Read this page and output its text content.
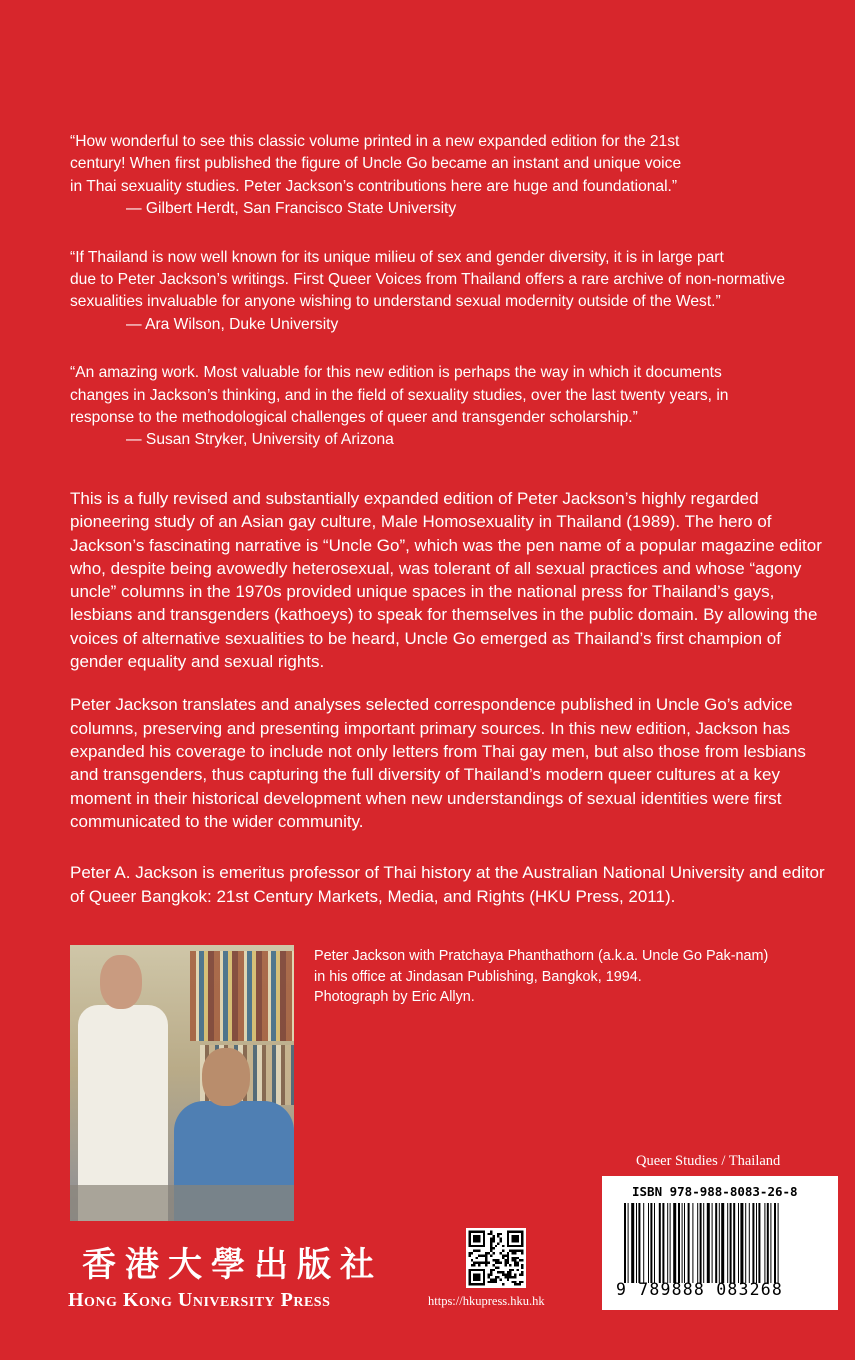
“How wonderful to see this classic volume printed in a new expanded edition for the 21st

century! When first published the figure of Uncle Go became an instant and unique voice

in Thai sexuality studies. Peter Jackson’s contributions here are huge and foundational.”

— Gilbert Herdt, San Francisco State University

“If Thailand is now well known for its unique milieu of sex and gender diversity, it is in large part

due to Peter Jackson’s writings. First Queer Voices from Thailand offers a rare archive of non-normative

sexualities invaluable for anyone wishing to understand sexual modernity outside of the West.”

— Ara Wilson, Duke University

“An amazing work. Most valuable for this new edition is perhaps the way in which it documents

changes in Jackson’s thinking, and in the field of sexuality studies, over the last twenty years, in

response to the methodological challenges of queer and transgender scholarship.”

— Susan Stryker, University of Arizona

This is a fully revised and substantially expanded edition of Peter Jackson’s highly regarded pioneering study of an Asian gay culture, Male Homosexuality in Thailand (1989). The hero of Jackson’s fascinating narrative is “Uncle Go”, which was the pen name of a popular magazine editor who, despite being avowedly heterosexual, was tolerant of all sexual practices and whose “agony uncle” columns in the 1970s provided unique spaces in the national press for Thailand’s gays, lesbians and transgenders (kathoeys) to speak for themselves in the public domain. By allowing the voices of alternative sexualities to be heard, Uncle Go emerged as Thailand’s first champion of gender equality and sexual rights.

Peter Jackson translates and analyses selected correspondence published in Uncle Go’s advice columns, preserving and presenting important primary sources. In this new edition, Jackson has expanded his coverage to include not only letters from Thai gay men, but also those from lesbians and transgenders, thus capturing the full diversity of Thailand’s modern queer cultures at a key moment in their historical development when new understandings of sexual identities were first communicated to the wider community.

Peter A. Jackson is emeritus professor of Thai history at the Australian National University and editor of Queer Bangkok: 21st Century Markets, Media, and Rights (HKU Press, 2011).

Peter Jackson with Pratchaya Phanthathorn (a.k.a. Uncle Go Pak-nam)
in his office at Jindasan Publishing, Bangkok, 1994.
Photograph by Eric Allyn.

Queer Studies / Thailand
ISBN 978-988-8083-26-8
9 789888 083268
https://hkupress.hku.hk
香港大學出版社
Hong Kong University Press
